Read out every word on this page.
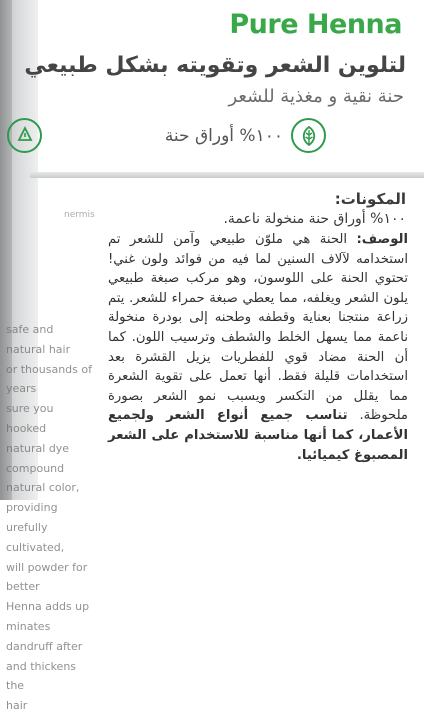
nermis
safe and natural hair
or thousands of years
sure you hooked
natural dye compound
natural color, providing
urefully cultivated,
will powder for better
Henna adds up
minates dandruff after
and thickens the
hair
Pure Henna
لتلوين الشعر وتقويته بشكل طبيعي
حنة نقية و مغذية للشعر
١٠٠% أوراق حنة
المكونات:
١٠٠% أوراق حنة منخولة ناعمة.
الوصف: الحنة هي ملوّن طبيعي وآمن للشعر تم استخدامه لآلاف السنين لما فيه من فوائد ولون غني! تحتوي الحنة على اللوسون، وهو مركب صبغة طبيعي يلون الشعر ويغلفه، مما يعطي صبغة حمراء للشعر. يتم زراعة منتجنا بعناية وقطفه وطحنه إلى بودرة منخولة ناعمة مما يسهل الخلط والشطف وترسيب اللون. كما أن الحنة مضاد قوي للفطريات يزيل القشرة بعد استخدامات قليلة فقط. أنها تعمل على تقوية الشعرة مما يقلل من التكسر ويسبب نمو الشعر بصورة ملحوظة. تناسب جميع أنواع الشعر ولجميع الأعمار، كما أنها مناسبة للاستخدام على الشعر المصبوغ كيميائيا.
